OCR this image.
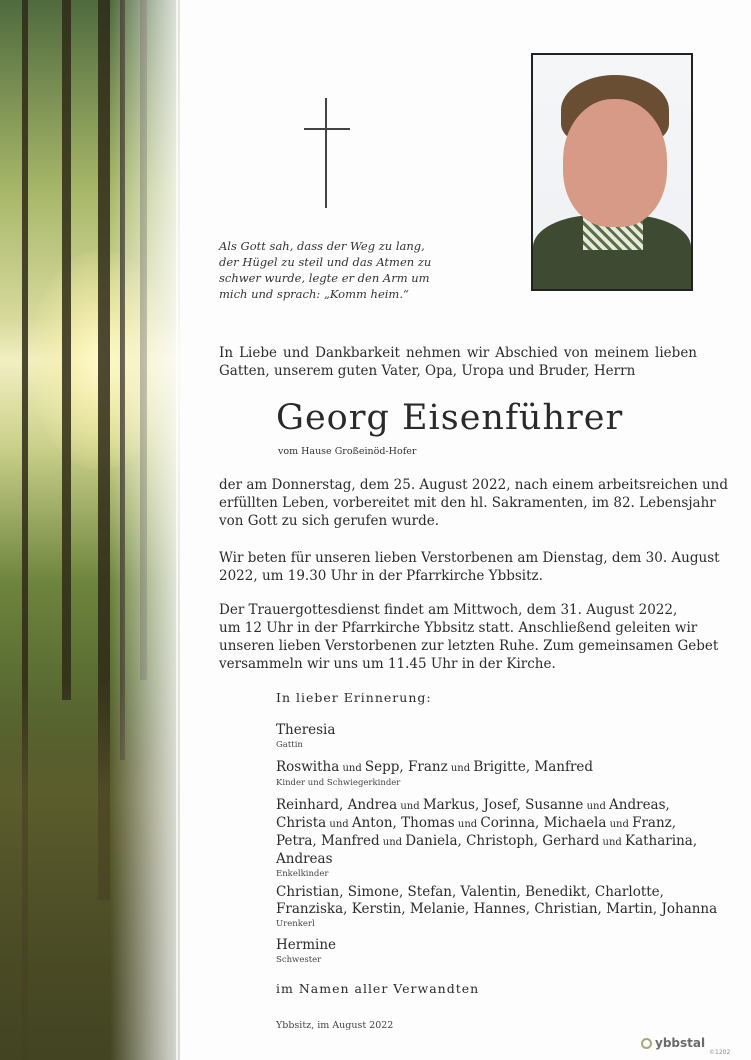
Als Gott sah, dass der Weg zu lang,
der Hügel zu steil und das Atmen zu
schwer wurde, legte er den Arm um
mich und sprach: „Komm heim.“
In Liebe und Dankbarkeit nehmen wir Abschied von meinem lieben Gatten, unserem guten Vater, Opa, Uropa und Bruder, Herrn
Georg Eisenführer
vom Hause Großeinöd-Hofer
der am Donnerstag, dem 25. August 2022, nach einem arbeitsreichen und
erfüllten Leben, vorbereitet mit den hl. Sakramenten, im 82. Lebensjahr
von Gott zu sich gerufen wurde.
Wir beten für unseren lieben Verstorbenen am Dienstag, dem 30. August
2022, um 19.30 Uhr in der Pfarrkirche Ybbsitz.
Der Trauergottesdienst findet am Mittwoch, dem 31. August 2022,
um 12 Uhr in der Pfarrkirche Ybbsitz statt. Anschließend geleiten wir
unseren lieben Verstorbenen zur letzten Ruhe. Zum gemeinsamen Gebet
versammeln wir uns um 11.45 Uhr in der Kirche.
In lieber Erinnerung:
Theresia
Gattin
Roswitha und Sepp, Franz und Brigitte, Manfred
Kinder und Schwiegerkinder
Reinhard, Andrea und Markus, Josef, Susanne und Andreas,
Christa und Anton, Thomas und Corinna, Michaela und Franz,
Petra, Manfred und Daniela, Christoph, Gerhard und Katharina,
Andreas
Enkelkinder
Christian, Simone, Stefan, Valentin, Benedikt, Charlotte,
Franziska, Kerstin, Melanie, Hannes, Christian, Martin, Johanna
Urenkerl
Hermine
Schwester
im Namen aller Verwandten
Ybbsitz, im August 2022
ybbstal
©1202
